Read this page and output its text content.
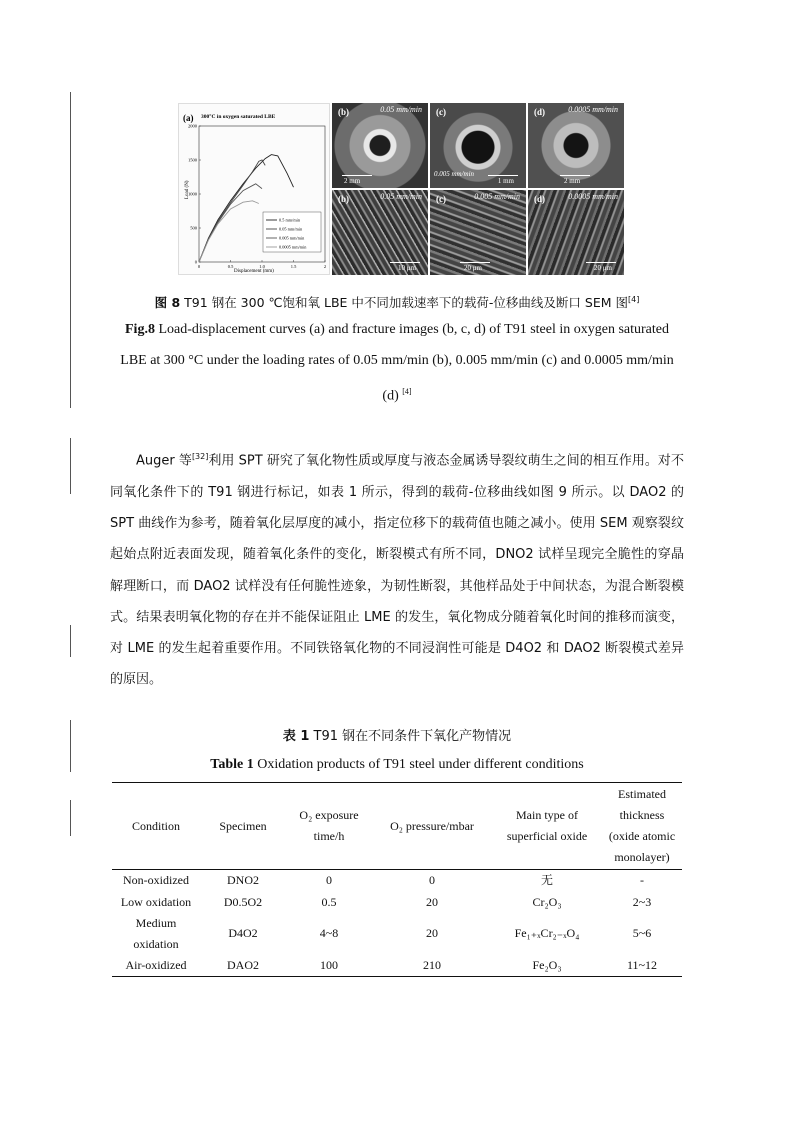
(a) 300°C in oxygen saturated LBE
Load (N)
Displacement (mm)
2000
1500
1000
500
0
0	0.5	1.0	1.5	2
0.5 mm/min
0.05 mm/min
0.005 mm/min
0.0005 mm/min
(b)	0.05 mm/min
2 mm
(c)
0.005 mm/min
1 mm
(d)	0.0005 mm/min
2 mm
(b)	0.05 mm/min
10 μm
(c)	0.005 mm/min
20 μm
(d)	0.0005 mm/min
20 μm
图 8 T91 钢在 300 ℃饱和氧 LBE 中不同加载速率下的载荷-位移曲线及断口 SEM 图[4]
Fig.8 Load-displacement curves (a) and fracture images (b, c, d) of T91 steel in oxygen saturated
LBE at 300 °C under the loading rates of 0.05 mm/min (b), 0.005 mm/min (c) and 0.0005 mm/min
(d) [4]

Auger 等[32]利用 SPT 研究了氧化物性质或厚度与液态金属诱导裂纹萌生之间的相互作用。对不同氧化条件下的 T91 钢进行标记，如表 1 所示，得到的载荷-位移曲线如图 9 所示。以 DAO2 的 SPT 曲线作为参考，随着氧化层厚度的减小，指定位移下的载荷值也随之减小。使用 SEM 观察裂纹起始点附近表面发现，随着氧化条件的变化，断裂模式有所不同，DNO2 试样呈现完全脆性的穿晶解理断口，而 DAO2 试样没有任何脆性迹象，为韧性断裂，其他样品处于中间状态，为混合断裂模式。结果表明氧化物的存在并不能保证阻止 LME 的发生，氧化物成分随着氧化时间的推移而演变，对 LME 的发生起着重要作用。不同铁铬氧化物的不同浸润性可能是 D4O2 和 DAO2 断裂模式差异的原因。

表 1 T91 钢在不同条件下氧化产物情况
Table 1 Oxidation products of T91 steel under different conditions
Condition	Specimen	O₂ exposure time/h	O₂ pressure/mbar	Main type of superficial oxide	Estimated thickness (oxide atomic monolayer)
Non-oxidized	DNO2	0	0	无	-
Low oxidation	D0.5O2	0.5	20	Cr₂O₃	2~3
Medium oxidation	D4O2	4~8	20	Fe₁₊ₓCr₂₋ₓO₄	5~6
Air-oxidized	DAO2	100	210	Fe₂O₃	11~12
